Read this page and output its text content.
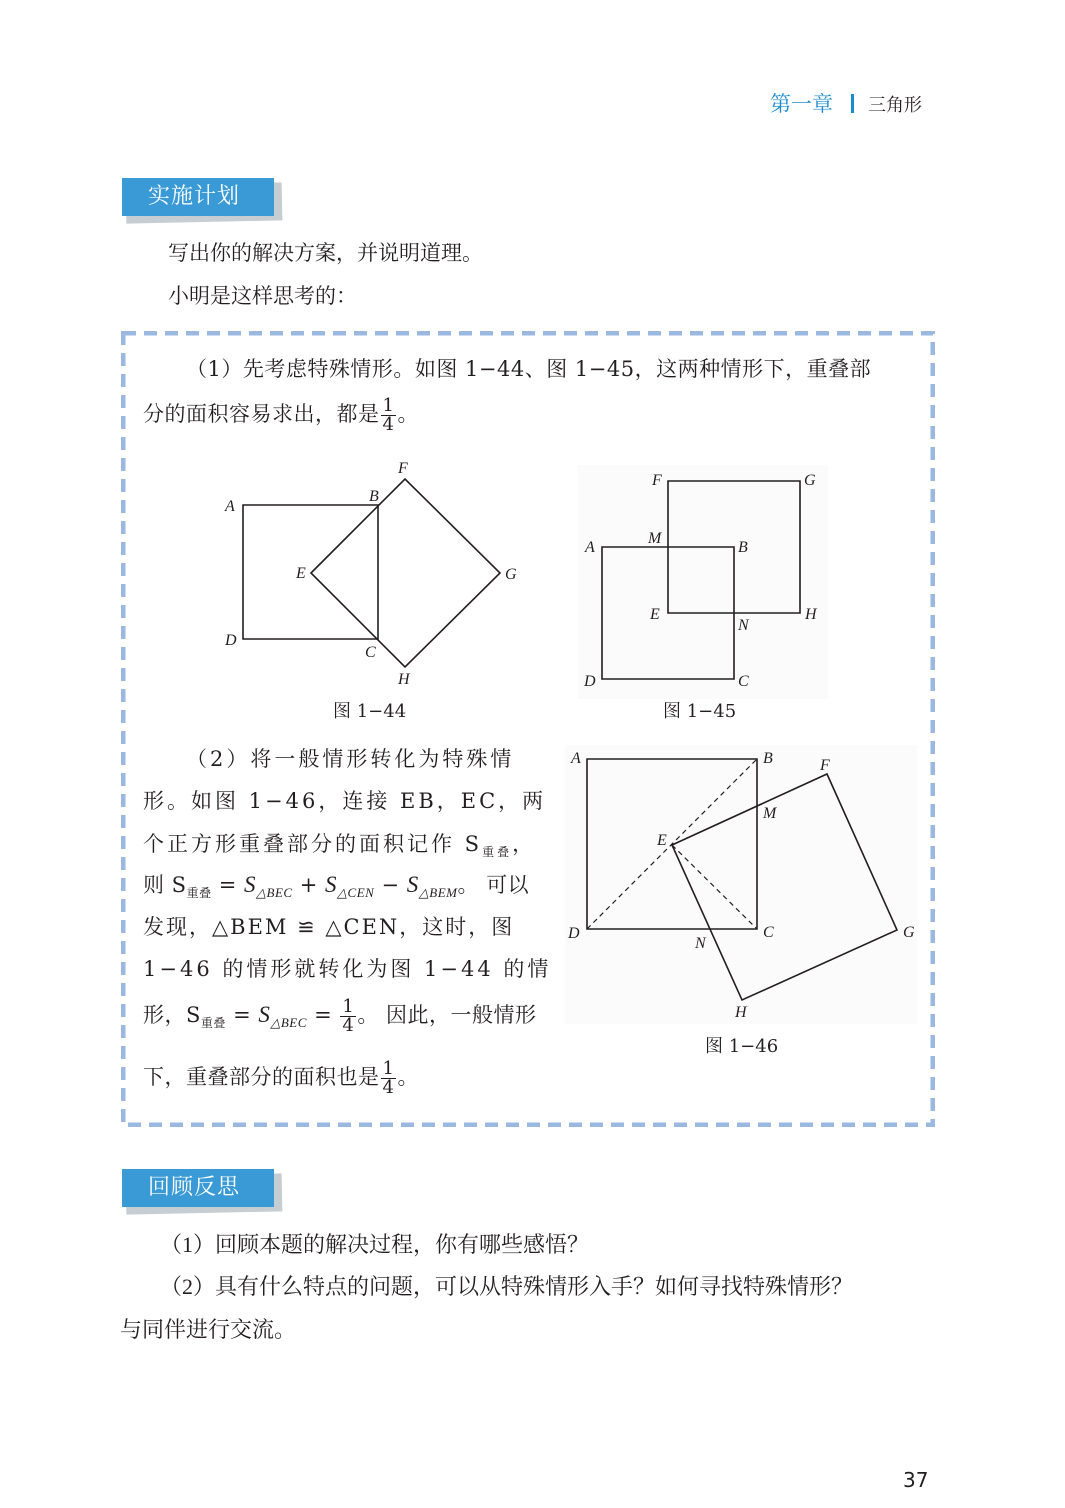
第一章 三角形
实施计划
写出你的解决方案，并说明道理。
小明是这样思考的：
（1）先考虑特殊情形。如图 1−44、图 1−45，这两种情形下，重叠部
分的面积容易求出，都是 $\frac{1}{4}$ 。
A
B
C
D
E
F
G
H
图 1−44
A	B
C
D
E
F	G
H
M
N
图 1−45
（2）将一般情形转化为特殊情
形。如图 1−46，连接 EB，EC，两
个正方形重叠部分的面积记作 $S_{重叠}$，
则 $S_{重叠} = S_{\triangle BEC} + S_{\triangle CEN} - S_{\triangle BEM}$。 可以
发现，△BEM ≌ △CEN，这时，图
1−46 的情形就转化为图 1−44 的情
形，$S_{重叠} = S_{\triangle BEC} = \frac{1}{4}$ 。 因此，一般情形
下，重叠部分的面积也是 $\frac{1}{4}$ 。
A	B
C
D
E
F
G
H
M
N
图 1−46
回顾反思
（1）回顾本题的解决过程，你有哪些感悟？
（2）具有什么特点的问题，可以从特殊情形入手？如何寻找特殊情形？
与同伴进行交流。
37
